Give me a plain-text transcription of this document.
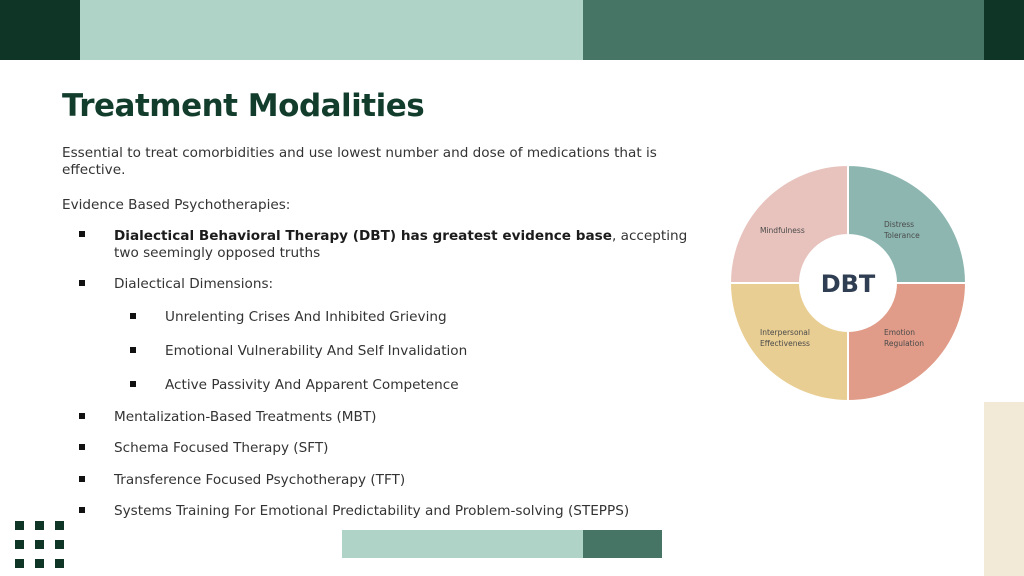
Treatment Modalities

Essential to treat comorbidities and use lowest number and dose of medications that is effective.

Evidence Based Psychotherapies:

Dialectical Behavioral Therapy (DBT) has greatest evidence base, accepting two seemingly opposed truths

Dialectical Dimensions:

Unrelenting Crises And Inhibited Grieving

Emotional Vulnerability And Self Invalidation

Active Passivity And Apparent Competence

Mentalization-Based Treatments (MBT)

Schema Focused Therapy (SFT)

Transference Focused Psychotherapy (TFT)

Systems Training For Emotional Predictability and Problem-solving (STEPPS)

DBT
Mindfulness
Distress Tolerance
Emotion Regulation
Interpersonal Effectiveness
